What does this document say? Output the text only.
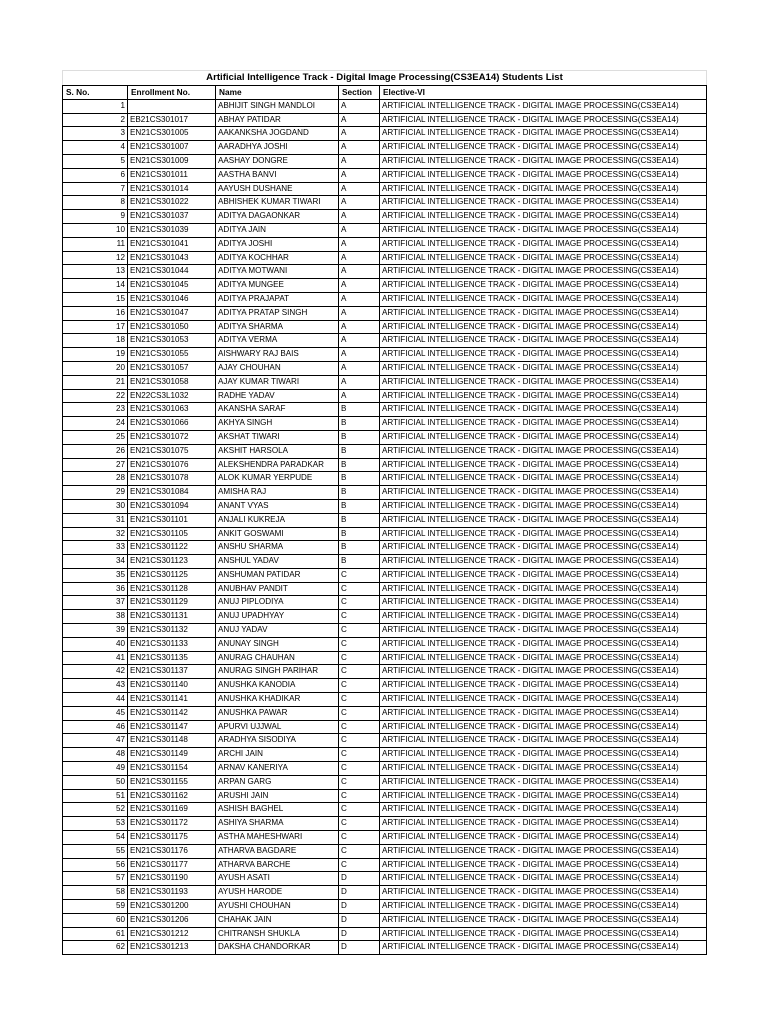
Artificial Intelligence Track - Digital Image Processing(CS3EA14) Students List				
S. No.	Enrollment No.	Name	Section	Elective-VI
1		ABHIJIT SINGH MANDLOI	A	ARTIFICIAL INTELLIGENCE TRACK - DIGITAL IMAGE PROCESSING(CS3EA14)
2	EB21CS301017	ABHAY PATIDAR	A	ARTIFICIAL INTELLIGENCE TRACK - DIGITAL IMAGE PROCESSING(CS3EA14)
3	EN21CS301005	AAKANKSHA JOGDAND	A	ARTIFICIAL INTELLIGENCE TRACK - DIGITAL IMAGE PROCESSING(CS3EA14)
4	EN21CS301007	AARADHYA JOSHI	A	ARTIFICIAL INTELLIGENCE TRACK - DIGITAL IMAGE PROCESSING(CS3EA14)
5	EN21CS301009	AASHAY DONGRE	A	ARTIFICIAL INTELLIGENCE TRACK - DIGITAL IMAGE PROCESSING(CS3EA14)
6	EN21CS301011	AASTHA BANVI	A	ARTIFICIAL INTELLIGENCE TRACK - DIGITAL IMAGE PROCESSING(CS3EA14)
7	EN21CS301014	AAYUSH DUSHANE	A	ARTIFICIAL INTELLIGENCE TRACK - DIGITAL IMAGE PROCESSING(CS3EA14)
8	EN21CS301022	ABHISHEK KUMAR TIWARI	A	ARTIFICIAL INTELLIGENCE TRACK - DIGITAL IMAGE PROCESSING(CS3EA14)
9	EN21CS301037	ADITYA DAGAONKAR	A	ARTIFICIAL INTELLIGENCE TRACK - DIGITAL IMAGE PROCESSING(CS3EA14)
10	EN21CS301039	ADITYA JAIN	A	ARTIFICIAL INTELLIGENCE TRACK - DIGITAL IMAGE PROCESSING(CS3EA14)
11	EN21CS301041	ADITYA JOSHI	A	ARTIFICIAL INTELLIGENCE TRACK - DIGITAL IMAGE PROCESSING(CS3EA14)
12	EN21CS301043	ADITYA KOCHHAR	A	ARTIFICIAL INTELLIGENCE TRACK - DIGITAL IMAGE PROCESSING(CS3EA14)
13	EN21CS301044	ADITYA MOTWANI	A	ARTIFICIAL INTELLIGENCE TRACK - DIGITAL IMAGE PROCESSING(CS3EA14)
14	EN21CS301045	ADITYA MUNGEE	A	ARTIFICIAL INTELLIGENCE TRACK - DIGITAL IMAGE PROCESSING(CS3EA14)
15	EN21CS301046	ADITYA PRAJAPAT	A	ARTIFICIAL INTELLIGENCE TRACK - DIGITAL IMAGE PROCESSING(CS3EA14)
16	EN21CS301047	ADITYA PRATAP SINGH	A	ARTIFICIAL INTELLIGENCE TRACK - DIGITAL IMAGE PROCESSING(CS3EA14)
17	EN21CS301050	ADITYA SHARMA	A	ARTIFICIAL INTELLIGENCE TRACK - DIGITAL IMAGE PROCESSING(CS3EA14)
18	EN21CS301053	ADITYA VERMA	A	ARTIFICIAL INTELLIGENCE TRACK - DIGITAL IMAGE PROCESSING(CS3EA14)
19	EN21CS301055	AISHWARY RAJ BAIS	A	ARTIFICIAL INTELLIGENCE TRACK - DIGITAL IMAGE PROCESSING(CS3EA14)
20	EN21CS301057	AJAY CHOUHAN	A	ARTIFICIAL INTELLIGENCE TRACK - DIGITAL IMAGE PROCESSING(CS3EA14)
21	EN21CS301058	AJAY KUMAR TIWARI	A	ARTIFICIAL INTELLIGENCE TRACK - DIGITAL IMAGE PROCESSING(CS3EA14)
22	EN22CS3L1032	RADHE YADAV	A	ARTIFICIAL INTELLIGENCE TRACK - DIGITAL IMAGE PROCESSING(CS3EA14)
23	EN21CS301063	AKANSHA SARAF	B	ARTIFICIAL INTELLIGENCE TRACK - DIGITAL IMAGE PROCESSING(CS3EA14)
24	EN21CS301066	AKHYA SINGH	B	ARTIFICIAL INTELLIGENCE TRACK - DIGITAL IMAGE PROCESSING(CS3EA14)
25	EN21CS301072	AKSHAT TIWARI	B	ARTIFICIAL INTELLIGENCE TRACK - DIGITAL IMAGE PROCESSING(CS3EA14)
26	EN21CS301075	AKSHIT HARSOLA	B	ARTIFICIAL INTELLIGENCE TRACK - DIGITAL IMAGE PROCESSING(CS3EA14)
27	EN21CS301076	ALEKSHENDRA PARADKAR	B	ARTIFICIAL INTELLIGENCE TRACK - DIGITAL IMAGE PROCESSING(CS3EA14)
28	EN21CS301078	ALOK KUMAR YERPUDE	B	ARTIFICIAL INTELLIGENCE TRACK - DIGITAL IMAGE PROCESSING(CS3EA14)
29	EN21CS301084	AMISHA RAJ	B	ARTIFICIAL INTELLIGENCE TRACK - DIGITAL IMAGE PROCESSING(CS3EA14)
30	EN21CS301094	ANANT VYAS	B	ARTIFICIAL INTELLIGENCE TRACK - DIGITAL IMAGE PROCESSING(CS3EA14)
31	EN21CS301101	ANJALI KUKREJA	B	ARTIFICIAL INTELLIGENCE TRACK - DIGITAL IMAGE PROCESSING(CS3EA14)
32	EN21CS301105	ANKIT GOSWAMI	B	ARTIFICIAL INTELLIGENCE TRACK - DIGITAL IMAGE PROCESSING(CS3EA14)
33	EN21CS301122	ANSHU SHARMA	B	ARTIFICIAL INTELLIGENCE TRACK - DIGITAL IMAGE PROCESSING(CS3EA14)
34	EN21CS301123	ANSHUL YADAV	B	ARTIFICIAL INTELLIGENCE TRACK - DIGITAL IMAGE PROCESSING(CS3EA14)
35	EN21CS301125	ANSHUMAN PATIDAR	C	ARTIFICIAL INTELLIGENCE TRACK - DIGITAL IMAGE PROCESSING(CS3EA14)
36	EN21CS301128	ANUBHAV PANDIT	C	ARTIFICIAL INTELLIGENCE TRACK - DIGITAL IMAGE PROCESSING(CS3EA14)
37	EN21CS301129	ANUJ PIPLODIYA	C	ARTIFICIAL INTELLIGENCE TRACK - DIGITAL IMAGE PROCESSING(CS3EA14)
38	EN21CS301131	ANUJ UPADHYAY	C	ARTIFICIAL INTELLIGENCE TRACK - DIGITAL IMAGE PROCESSING(CS3EA14)
39	EN21CS301132	ANUJ YADAV	C	ARTIFICIAL INTELLIGENCE TRACK - DIGITAL IMAGE PROCESSING(CS3EA14)
40	EN21CS301133	ANUNAY SINGH	C	ARTIFICIAL INTELLIGENCE TRACK - DIGITAL IMAGE PROCESSING(CS3EA14)
41	EN21CS301135	ANURAG CHAUHAN	C	ARTIFICIAL INTELLIGENCE TRACK - DIGITAL IMAGE PROCESSING(CS3EA14)
42	EN21CS301137	ANURAG SINGH PARIHAR	C	ARTIFICIAL INTELLIGENCE TRACK - DIGITAL IMAGE PROCESSING(CS3EA14)
43	EN21CS301140	ANUSHKA KANODIA	C	ARTIFICIAL INTELLIGENCE TRACK - DIGITAL IMAGE PROCESSING(CS3EA14)
44	EN21CS301141	ANUSHKA KHADIKAR	C	ARTIFICIAL INTELLIGENCE TRACK - DIGITAL IMAGE PROCESSING(CS3EA14)
45	EN21CS301142	ANUSHKA PAWAR	C	ARTIFICIAL INTELLIGENCE TRACK - DIGITAL IMAGE PROCESSING(CS3EA14)
46	EN21CS301147	APURVI UJJWAL	C	ARTIFICIAL INTELLIGENCE TRACK - DIGITAL IMAGE PROCESSING(CS3EA14)
47	EN21CS301148	ARADHYA SISODIYA	C	ARTIFICIAL INTELLIGENCE TRACK - DIGITAL IMAGE PROCESSING(CS3EA14)
48	EN21CS301149	ARCHI JAIN	C	ARTIFICIAL INTELLIGENCE TRACK - DIGITAL IMAGE PROCESSING(CS3EA14)
49	EN21CS301154	ARNAV KANERIYA	C	ARTIFICIAL INTELLIGENCE TRACK - DIGITAL IMAGE PROCESSING(CS3EA14)
50	EN21CS301155	ARPAN GARG	C	ARTIFICIAL INTELLIGENCE TRACK - DIGITAL IMAGE PROCESSING(CS3EA14)
51	EN21CS301162	ARUSHI JAIN	C	ARTIFICIAL INTELLIGENCE TRACK - DIGITAL IMAGE PROCESSING(CS3EA14)
52	EN21CS301169	ASHISH BAGHEL	C	ARTIFICIAL INTELLIGENCE TRACK - DIGITAL IMAGE PROCESSING(CS3EA14)
53	EN21CS301172	ASHIYA SHARMA	C	ARTIFICIAL INTELLIGENCE TRACK - DIGITAL IMAGE PROCESSING(CS3EA14)
54	EN21CS301175	ASTHA MAHESHWARI	C	ARTIFICIAL INTELLIGENCE TRACK - DIGITAL IMAGE PROCESSING(CS3EA14)
55	EN21CS301176	ATHARVA BAGDARE	C	ARTIFICIAL INTELLIGENCE TRACK - DIGITAL IMAGE PROCESSING(CS3EA14)
56	EN21CS301177	ATHARVA BARCHE	C	ARTIFICIAL INTELLIGENCE TRACK - DIGITAL IMAGE PROCESSING(CS3EA14)
57	EN21CS301190	AYUSH ASATI	D	ARTIFICIAL INTELLIGENCE TRACK - DIGITAL IMAGE PROCESSING(CS3EA14)
58	EN21CS301193	AYUSH HARODE	D	ARTIFICIAL INTELLIGENCE TRACK - DIGITAL IMAGE PROCESSING(CS3EA14)
59	EN21CS301200	AYUSHI CHOUHAN	D	ARTIFICIAL INTELLIGENCE TRACK - DIGITAL IMAGE PROCESSING(CS3EA14)
60	EN21CS301206	CHAHAK JAIN	D	ARTIFICIAL INTELLIGENCE TRACK - DIGITAL IMAGE PROCESSING(CS3EA14)
61	EN21CS301212	CHITRANSH SHUKLA	D	ARTIFICIAL INTELLIGENCE TRACK - DIGITAL IMAGE PROCESSING(CS3EA14)
62	EN21CS301213	DAKSHA CHANDORKAR	D	ARTIFICIAL INTELLIGENCE TRACK - DIGITAL IMAGE PROCESSING(CS3EA14)
